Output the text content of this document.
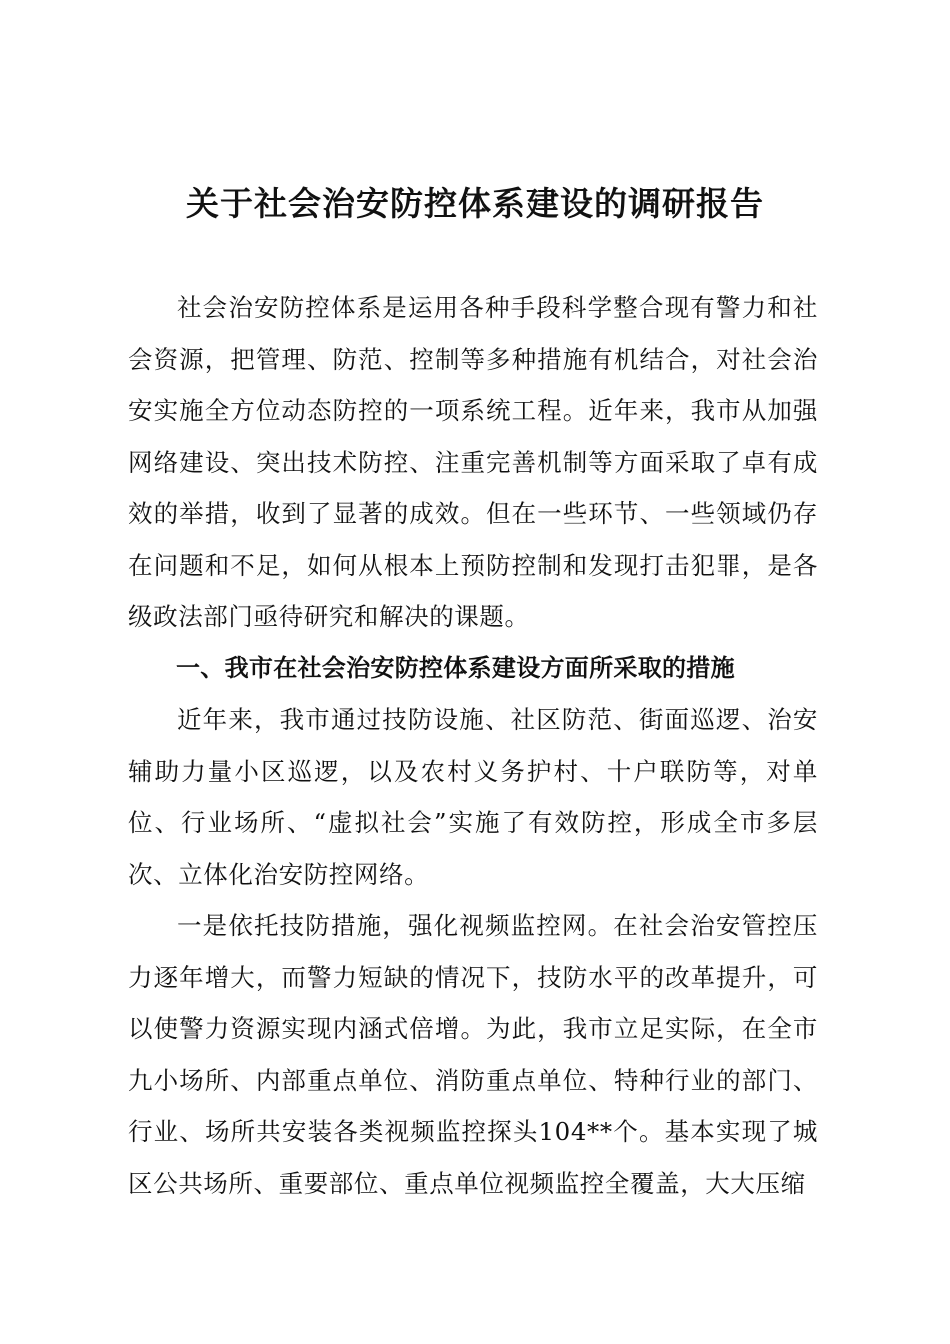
关于社会治安防控体系建设的调研报告

社会治安防控体系是运用各种手段科学整合现有警力和社会资源，把管理、防范、控制等多种措施有机结合，对社会治安实施全方位动态防控的一项系统工程。近年来，我市从加强网络建设、突出技术防控、注重完善机制等方面采取了卓有成效的举措，收到了显著的成效。但在一些环节、一些领域仍存在问题和不足，如何从根本上预防控制和发现打击犯罪，是各级政法部门亟待研究和解决的课题。

一、我市在社会治安防控体系建设方面所采取的措施

近年来，我市通过技防设施、社区防范、街面巡逻、治安辅助力量小区巡逻，以及农村义务护村、十户联防等，对单位、行业场所、“虚拟社会”实施了有效防控，形成全市多层次、立体化治安防控网络。

一是依托技防措施，强化视频监控网。在社会治安管控压力逐年增大，而警力短缺的情况下，技防水平的改革提升，可以使警力资源实现内涵式倍增。为此，我市立足实际，在全市九小场所、内部重点单位、消防重点单位、特种行业的部门、行业、场所共安装各类视频监控探头104**个。基本实现了城区公共场所、重要部位、重点单位视频监控全覆盖，大大压缩
